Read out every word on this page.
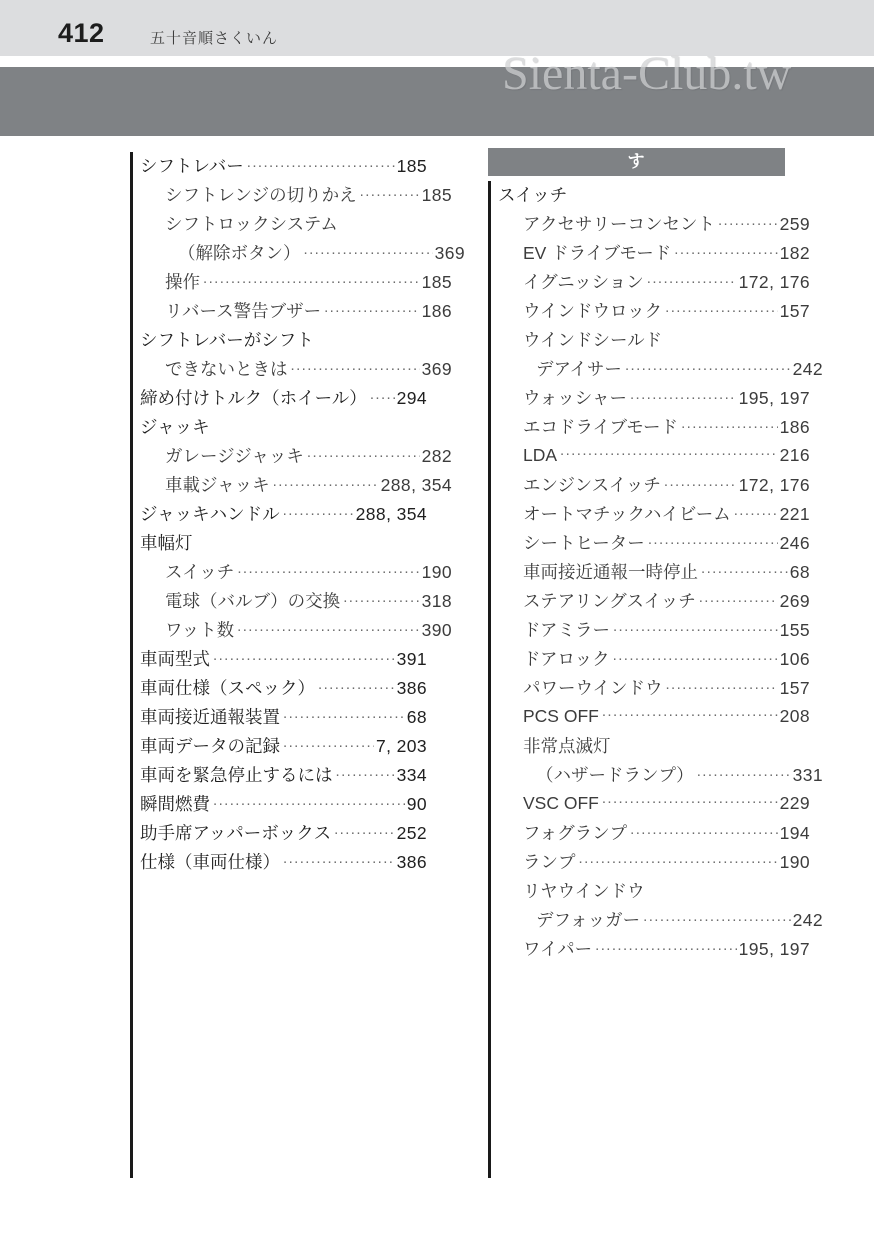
412	五十音順さくいん
Sienta-Club.tw
す
シフトレバー .....	185
シフトレンジの切りかえ .....	185
シフトロックシステム
（解除ボタン） .....	369
操作 .....	185
リバース警告ブザー .....	186
シフトレバーがシフト
できないときは .....	369
締め付けトルク（ホイール） ..... 294
ジャッキ
ガレージジャッキ .....	282
車載ジャッキ .....	288, 354
ジャッキハンドル .....	288, 354
車幅灯
スイッチ .....	190
電球（バルブ）の交換 .....	318
ワット数 .....	390
車両型式 .....	391
車両仕様（スペック） .....	386
車両接近通報装置 .....	68
車両データの記録 .....	7, 203
車両を緊急停止するには .....	334
瞬間燃費 .....	90
助手席アッパーボックス .....	252
仕様（車両仕様） .....	386
スイッチ
アクセサリーコンセント .....	259
EV ドライブモード .....	182
イグニッション .....	172, 176
ウインドウロック .....	157
ウインドシールド
デアイサー .....	242
ウォッシャー .....	195, 197
エコドライブモード .....	186
LDA .....	216
エンジンスイッチ .....	172, 176
オートマチックハイビーム .....	221
シートヒーター .....	246
車両接近通報一時停止 .....	68
ステアリングスイッチ .....	269
ドアミラー .....	155
ドアロック .....	106
パワーウインドウ .....	157
PCS OFF .....	208
非常点滅灯
（ハザードランプ） .....	331
VSC OFF .....	229
フォグランプ .....	194
ランプ .....	190
リヤウインドウ
デフォッガー .....	242
ワイパー .....	195, 197
